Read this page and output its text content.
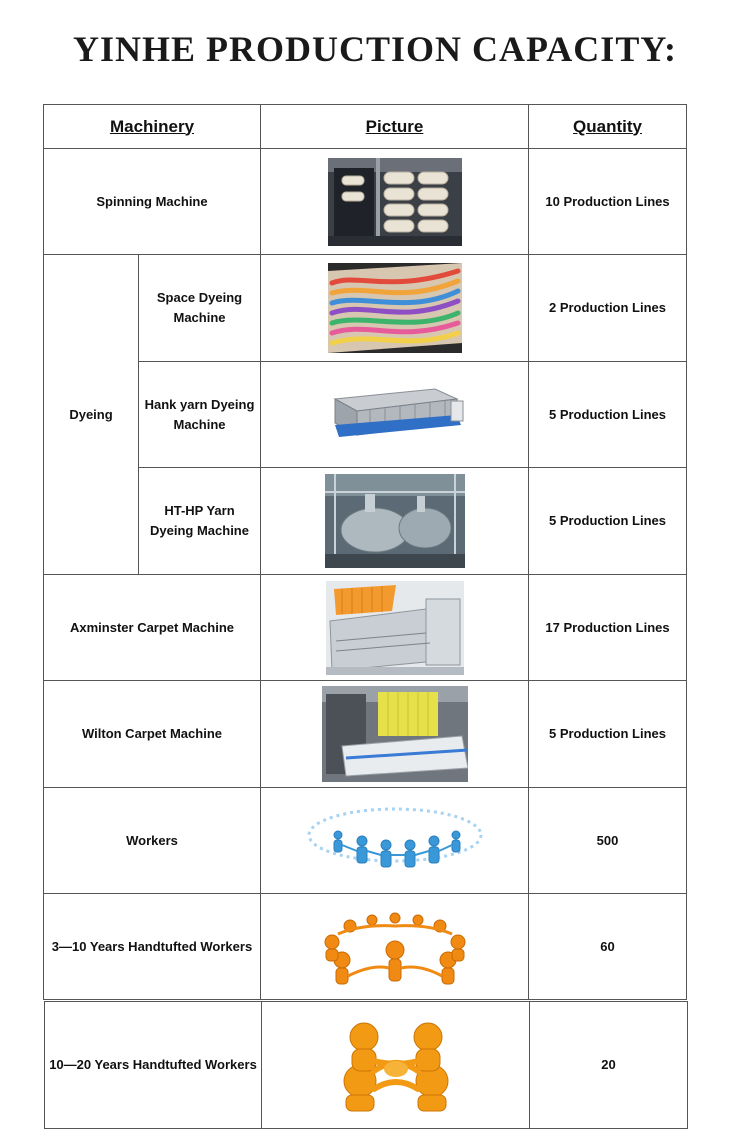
YINHE PRODUCTION CAPACITY:
Machinery		Picture	Quantity
Spinning Machine			10 Production Lines
Dyeing	Space Dyeing Machine		2 Production Lines

	Hank yarn Dyeing Machine		5 Production Lines

	HT-HP Yarn Dyeing Machine		5 Production Lines
Axminster Carpet Machine			17 Production Lines
Wilton Carpet Machine			5 Production Lines
Workers			500
3—10 Years Handtufted Workers			60
10—20 Years Handtufted Workers		20
